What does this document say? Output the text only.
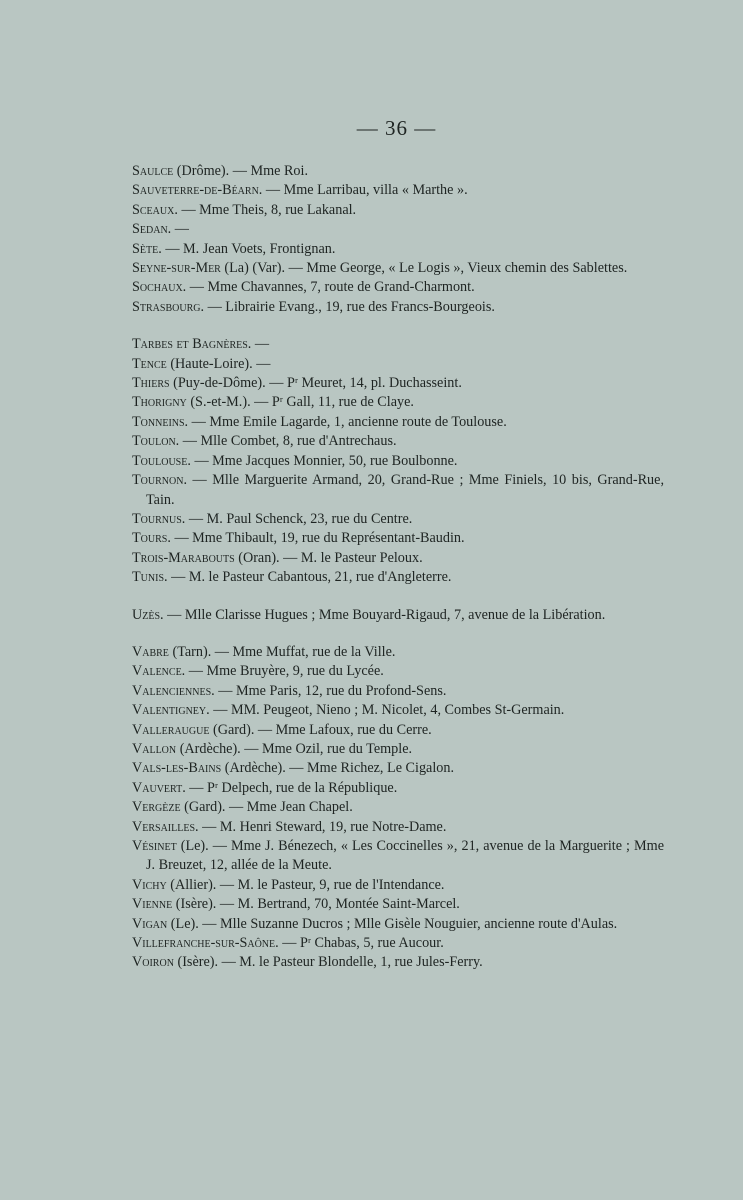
— 36 —

Saulce (Drôme). — Mme Roi.

Sauveterre-de-Béarn. — Mme Larribau, villa « Marthe ».

Sceaux. — Mme Theis, 8, rue Lakanal.

Sedan. —

Sète. — M. Jean Voets, Frontignan.

Seyne-sur-Mer (La) (Var). — Mme George, « Le Logis », Vieux chemin des Sablettes.

Sochaux. — Mme Chavannes, 7, route de Grand-Charmont.

Strasbourg. — Librairie Evang., 19, rue des Francs-Bourgeois.

Tarbes et Bagnères. —

Tence (Haute-Loire). —

Thiers (Puy-de-Dôme). — Pʳ Meuret, 14, pl. Duchasseint.

Thorigny (S.-et-M.). — Pʳ Gall, 11, rue de Claye.

Tonneins. — Mme Emile Lagarde, 1, ancienne route de Toulouse.

Toulon. — Mlle Combet, 8, rue d'Antrechaus.

Toulouse. — Mme Jacques Monnier, 50, rue Boulbonne.

Tournon. — Mlle Marguerite Armand, 20, Grand-Rue ; Mme Finiels, 10 bis, Grand-Rue, Tain.

Tournus. — M. Paul Schenck, 23, rue du Centre.

Tours. — Mme Thibault, 19, rue du Représentant-Baudin.

Trois-Marabouts (Oran). — M. le Pasteur Peloux.

Tunis. — M. le Pasteur Cabantous, 21, rue d'Angleterre.

Uzès. — Mlle Clarisse Hugues ; Mme Bouyard-Rigaud, 7, avenue de la Libération.

Vabre (Tarn). — Mme Muffat, rue de la Ville.

Valence. — Mme Bruyère, 9, rue du Lycée.

Valenciennes. — Mme Paris, 12, rue du Profond-Sens.

Valentigney. — MM. Peugeot, Nieno ; M. Nicolet, 4, Combes St-Germain.

Valleraugue (Gard). — Mme Lafoux, rue du Cerre.

Vallon (Ardèche). — Mme Ozil, rue du Temple.

Vals-les-Bains (Ardèche). — Mme Richez, Le Cigalon.

Vauvert. — Pʳ Delpech, rue de la République.

Vergèze (Gard). — Mme Jean Chapel.

Versailles. — M. Henri Steward, 19, rue Notre-Dame.

Vésinet (Le). — Mme J. Bénezech, « Les Coccinelles », 21, avenue de la Marguerite ; Mme J. Breuzet, 12, allée de la Meute.

Vichy (Allier). — M. le Pasteur, 9, rue de l'Intendance.

Vienne (Isère). — M. Bertrand, 70, Montée Saint-Marcel.

Vigan (Le). — Mlle Suzanne Ducros ; Mlle Gisèle Nouguier, ancienne route d'Aulas.

Villefranche-sur-Saône. — Pʳ Chabas, 5, rue Aucour.

Voiron (Isère). — M. le Pasteur Blondelle, 1, rue Jules-Ferry.
